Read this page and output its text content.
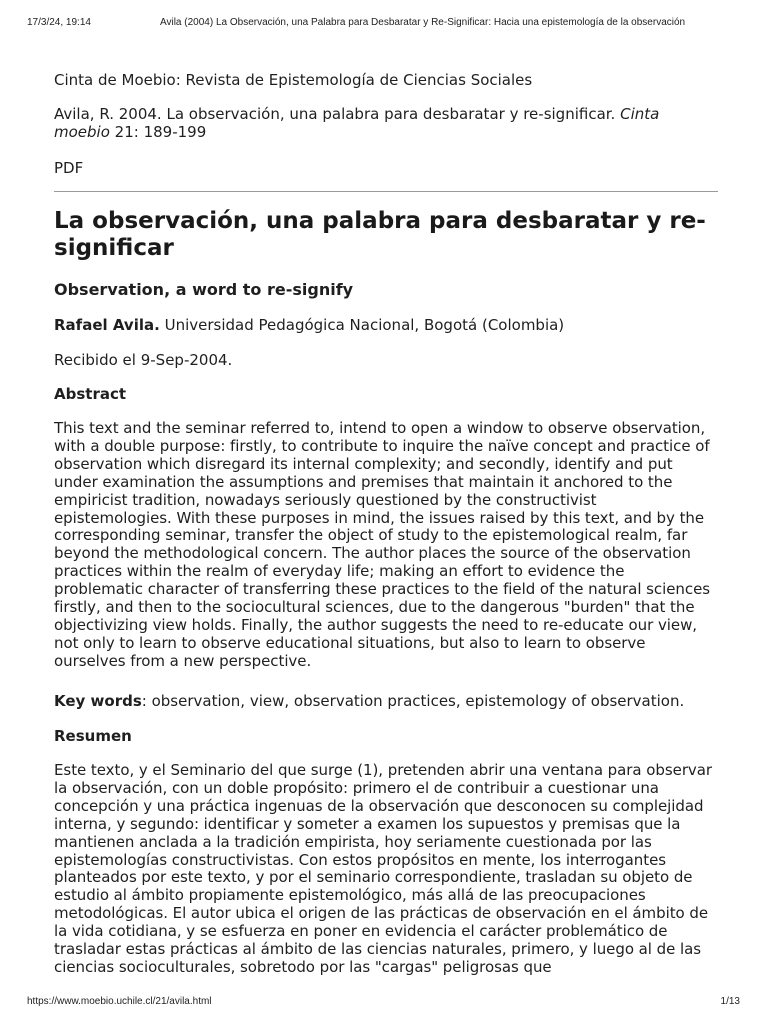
17/3/24, 19:14	Avila (2004) La Observación, una Palabra para Desbaratar y Re-Significar: Hacia una epistemología de la observación
Cinta de Moebio: Revista de Epistemología de Ciencias Sociales
Avila, R. 2004. La observación, una palabra para desbaratar y re-significar. Cinta moebio 21: 189-199
PDF
La observación, una palabra para desbaratar y re-significar
Observation, a word to re-signify
Rafael Avila. Universidad Pedagógica Nacional, Bogotá (Colombia)
Recibido el 9-Sep-2004.
Abstract

This text and the seminar referred to, intend to open a window to observe observation, with a double purpose: firstly, to contribute to inquire the naïve concept and practice of observation which disregard its internal complexity; and secondly, identify and put under examination the assumptions and premises that maintain it anchored to the empiricist tradition, nowadays seriously questioned by the constructivist epistemologies. With these purposes in mind, the issues raised by this text, and by the corresponding seminar, transfer the object of study to the epistemological realm, far beyond the methodological concern. The author places the source of the observation practices within the realm of everyday life; making an effort to evidence the problematic character of transferring these practices to the field of the natural sciences firstly, and then to the sociocultural sciences, due to the dangerous "burden" that the objectivizing view holds. Finally, the author suggests the need to re-educate our view, not only to learn to observe educational situations, but also to learn to observe ourselves from a new perspective.

Key words: observation, view, observation practices, epistemology of observation.
Resumen

Este texto, y el Seminario del que surge (1), pretenden abrir una ventana para observar la observación, con un doble propósito: primero el de contribuir a cuestionar una concepción y una práctica ingenuas de la observación que desconocen su complejidad interna, y segundo: identificar y someter a examen los supuestos y premisas que la mantienen anclada a la tradición empirista, hoy seriamente cuestionada por las epistemologías constructivistas. Con estos propósitos en mente, los interrogantes planteados por este texto, y por el seminario correspondiente, trasladan su objeto de estudio al ámbito propiamente epistemológico, más allá de las preocupaciones metodológicas. El autor ubica el origen de las prácticas de observación en el ámbito de la vida cotidiana, y se esfuerza en poner en evidencia el carácter problemático de trasladar estas prácticas al ámbito de las ciencias naturales, primero, y luego al de las ciencias socioculturales, sobretodo por las "cargas" peligrosas que

https://www.moebio.uchile.cl/21/avila.html	1/13
